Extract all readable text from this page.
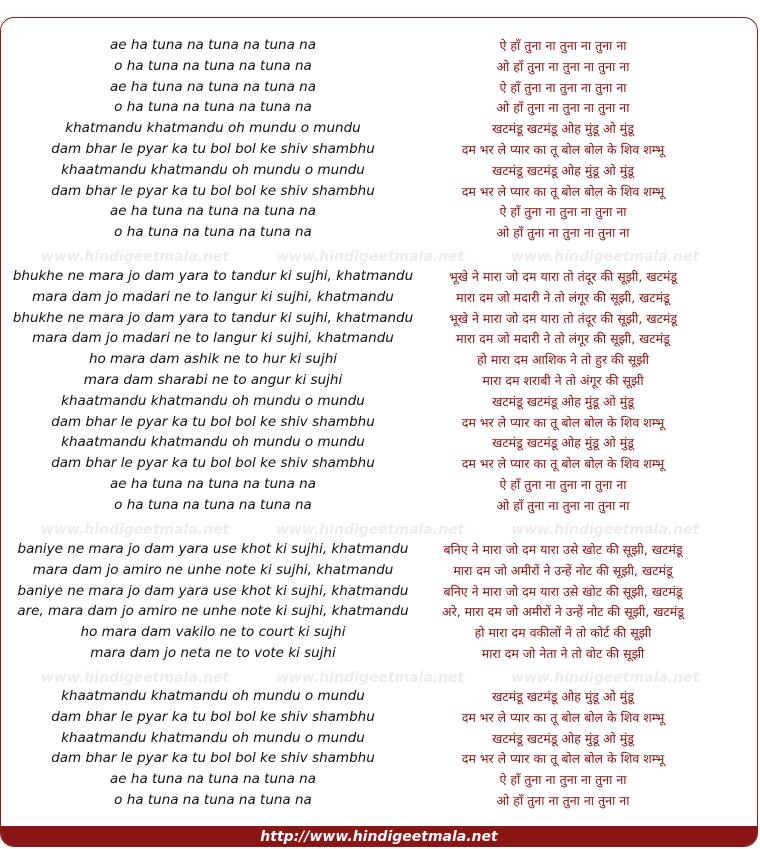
ae ha tuna na tuna na tuna na	ऐ हाँ तुना ना तुना ना तुना ना
o ha tuna na tuna na tuna na	ओ हाँ तुना ना तुना ना तुना ना
ae ha tuna na tuna na tuna na	ऐ हाँ तुना ना तुना ना तुना ना
o ha tuna na tuna na tuna na	ओ हाँ तुना ना तुना ना तुना ना
khatmandu khatmandu oh mundu o mundu	खटमंडू खटमंडू ओह मुंडू ओ मुंडू
dam bhar le pyar ka tu bol bol ke shiv shambhu	दम भर ले प्यार का तू बोल बोल के शिव शम्भू
khaatmandu khatmandu oh mundu o mundu	खटमंडू खटमंडू ओह मुंडू ओ मुंडू
dam bhar le pyar ka tu bol bol ke shiv shambhu	दम भर ले प्यार का तू बोल बोल के शिव शम्भू
ae ha tuna na tuna na tuna na	ऐ हाँ तुना ना तुना ना तुना ना
o ha tuna na tuna na tuna na	ओ हाँ तुना ना तुना ना तुना ना
bhukhe ne mara jo dam yara to tandur ki sujhi, khatmandu	भूखे ने मारा जो दम यारा तो तंदूर की सूझी, खटमंडू
mara dam jo madari ne to langur ki sujhi, khatmandu	मारा दम जो मदारी ने तो लंगूर की सूझी, खटमंडू
bhukhe ne mara jo dam yara to tandur ki sujhi, khatmandu	भूखे ने मारा जो दम यारा तो तंदूर की सूझी, खटमंडू
mara dam jo madari ne to langur ki sujhi, khatmandu	मारा दम जो मदारी ने तो लंगूर की सूझी, खटमंडू
ho mara dam ashik ne to hur ki sujhi	हो मारा दम आशिक ने तो हुर की सूझी
mara dam sharabi ne to angur ki sujhi	मारा दम शराबी ने तो अंगूर की सूझी
khaatmandu khatmandu oh mundu o mundu	खटमंडू खटमंडू ओह मुंडू ओ मुंडू
dam bhar le pyar ka tu bol bol ke shiv shambhu	दम भर ले प्यार का तू बोल बोल के शिव शम्भू
khaatmandu khatmandu oh mundu o mundu	खटमंडू खटमंडू ओह मुंडू ओ मुंडू
dam bhar le pyar ka tu bol bol ke shiv shambhu	दम भर ले प्यार का तू बोल बोल के शिव शम्भू
ae ha tuna na tuna na tuna na	ऐ हाँ तुना ना तुना ना तुना ना
o ha tuna na tuna na tuna na	ओ हाँ तुना ना तुना ना तुना ना
baniye ne mara jo dam yara use khot ki sujhi, khatmandu	बनिए ने मारा जो दम यारा उसे खोट की सूझी, खटमंडू
mara dam jo amiro ne unhe note ki sujhi, khatmandu	मारा दम जो अमीरों ने उन्हें नोट की सूझी, खटमंडू
baniye ne mara jo dam yara use khot ki sujhi, khatmandu	बनिए ने मारा जो दम यारा उसे खोट की सूझी, खटमंडू
are, mara dam jo amiro ne unhe note ki sujhi, khatmandu	अरे, मारा दम जो अमीरों ने उन्हें नोट की सूझी, खटमंडू
ho mara dam vakilo ne to court ki sujhi	हो मारा दम वकीलों ने तो कोर्ट की सूझी
mara dam jo neta ne to vote ki sujhi	मारा दम जो नेता ने तो वोट की सूझी
khaatmandu khatmandu oh mundu o mundu	खटमंडू खटमंडू ओह मुंडू ओ मुंडू
dam bhar le pyar ka tu bol bol ke shiv shambhu	दम भर ले प्यार का तू बोल बोल के शिव शम्भू
khaatmandu khatmandu oh mundu o mundu	खटमंडू खटमंडू ओह मुंडू ओ मुंडू
dam bhar le pyar ka tu bol bol ke shiv shambhu	दम भर ले प्यार का तू बोल बोल के शिव शम्भू
ae ha tuna na tuna na tuna na	ऐ हाँ तुना ना तुना ना तुना ना
o ha tuna na tuna na tuna na	ओ हाँ तुना ना तुना ना तुना ना
www.hindigeetmala.net	www.hindigeetmala.net	www.hindigeetmala.net
www.hindigeetmala.net	www.hindigeetmala.net	www.hindigeetmala.net
www.hindigeetmala.net	www.hindigeetmala.net	www.hindigeetmala.net
http://www.hindigeetmala.net
